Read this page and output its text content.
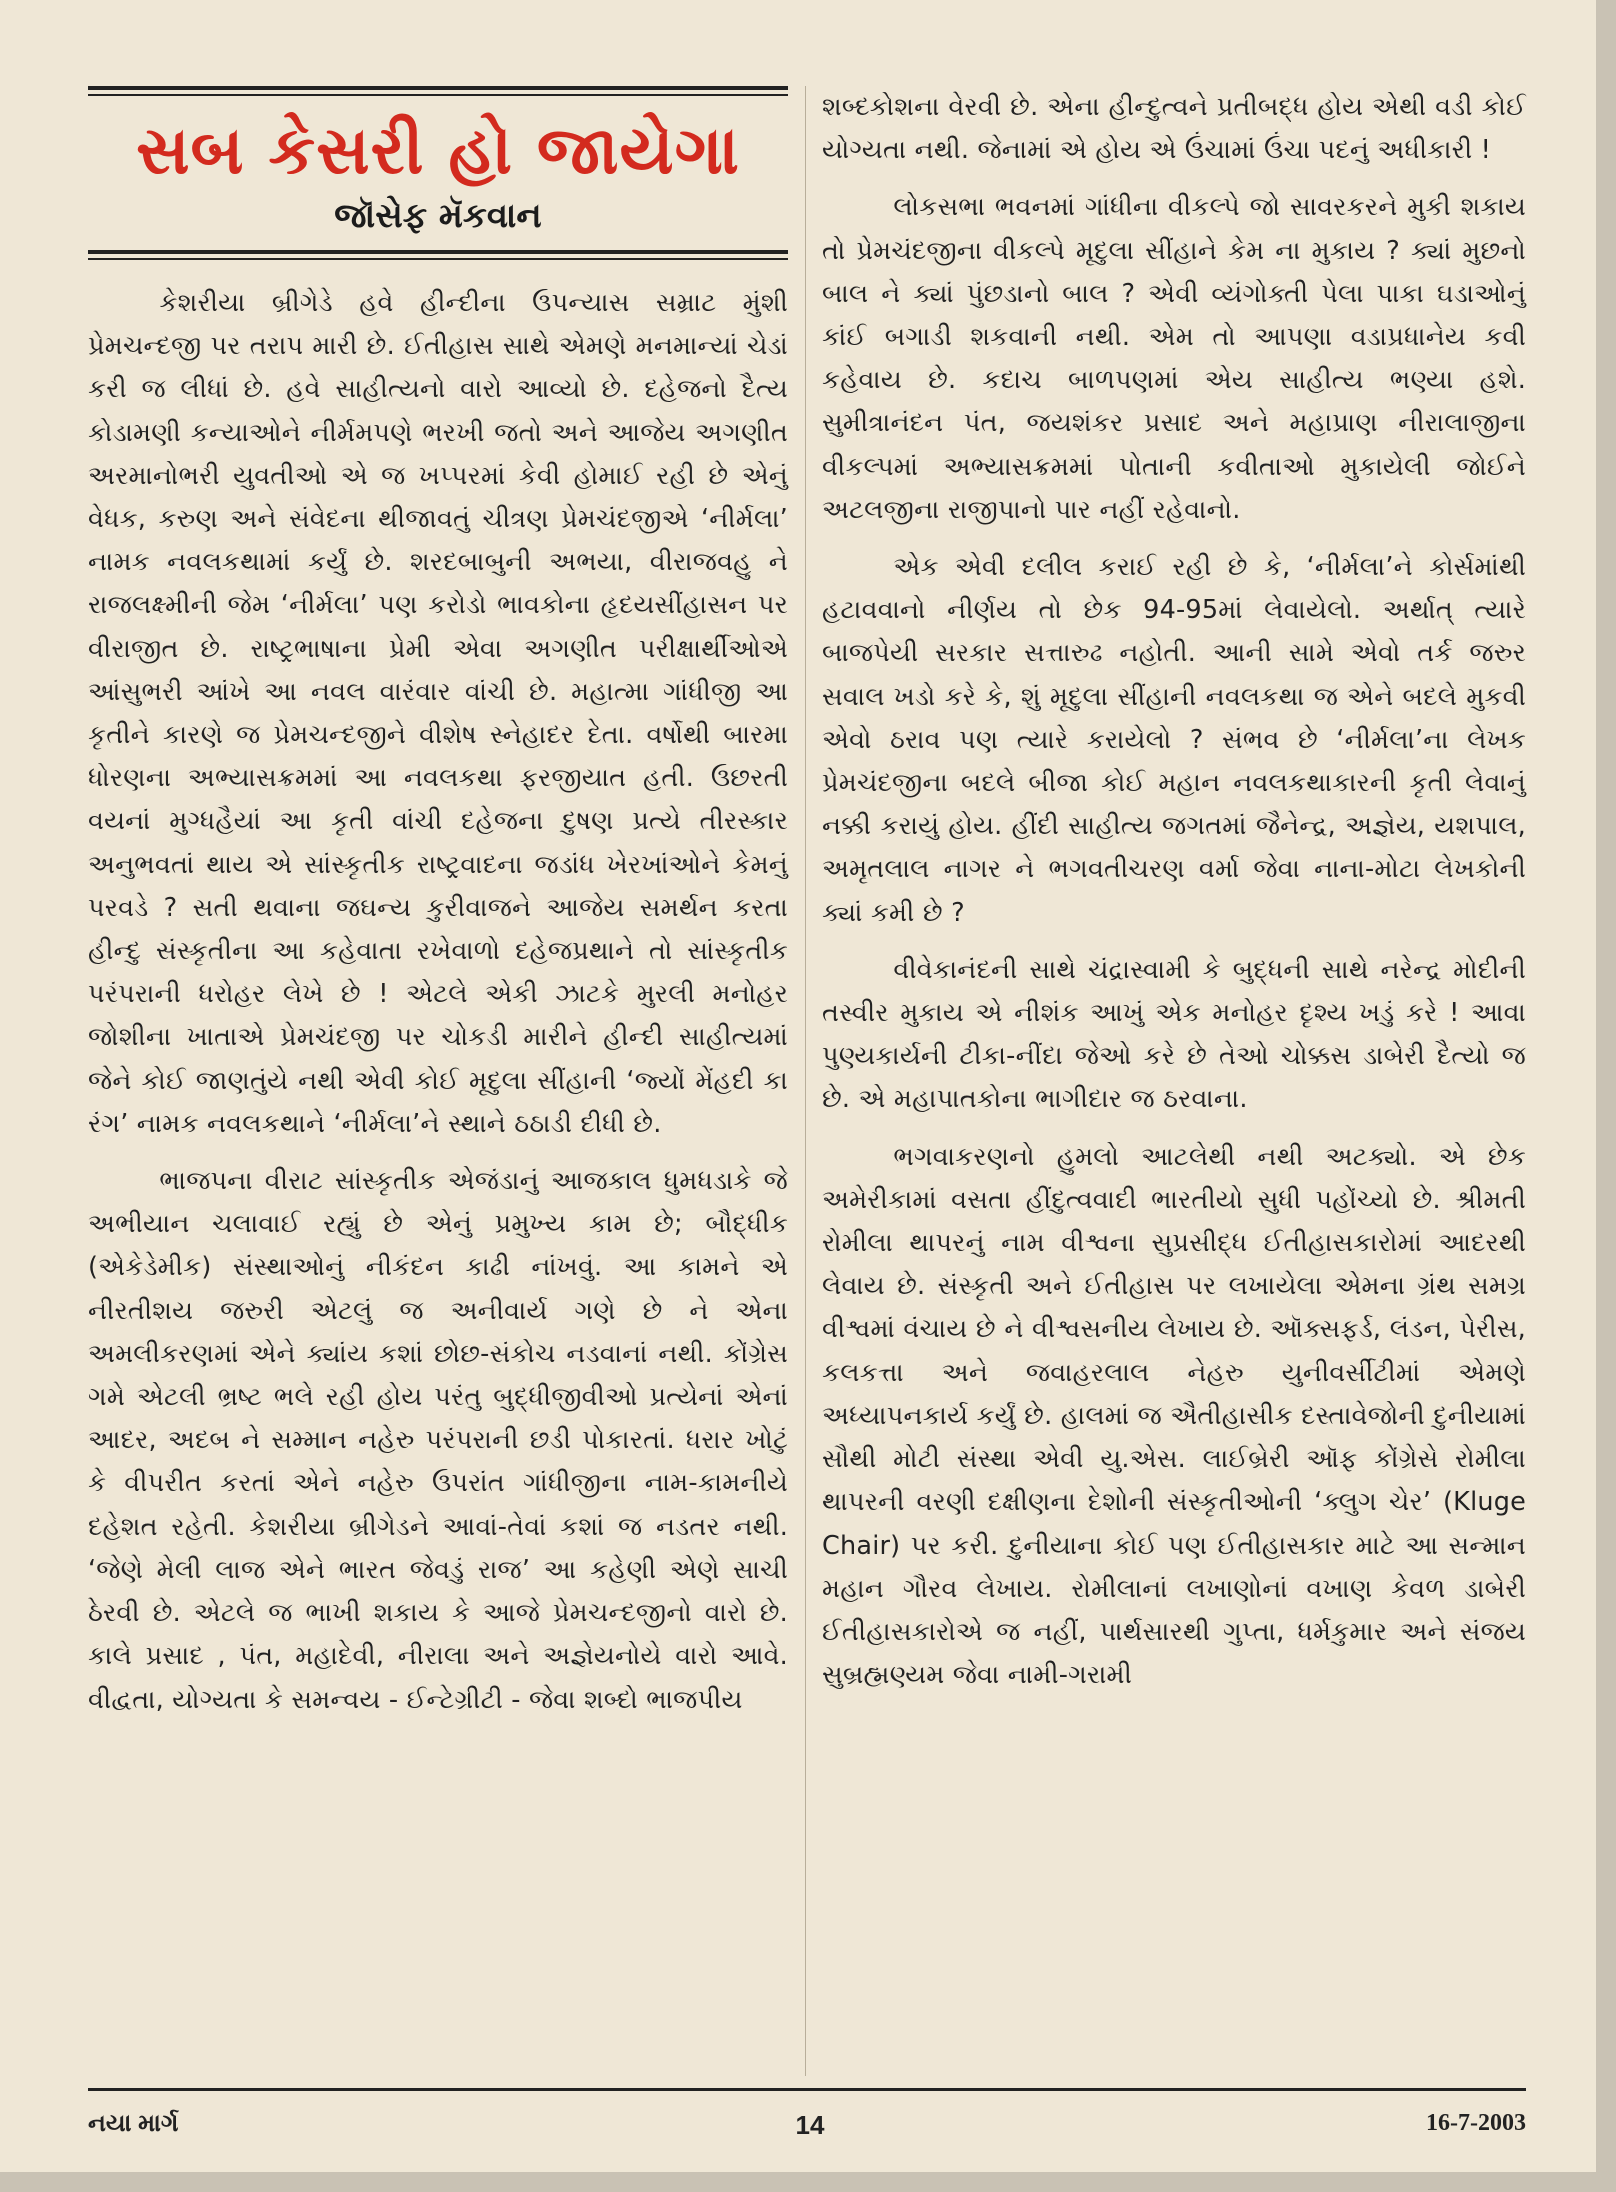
સબ કેસરી હો જાયેગા
જૉસેફ મૅકવાન

કેશરીયા બ્રીગેડે હવે હીન્દીના ઉપન્યાસ સમ્રાટ મુંશી પ્રેમચન્દજી પર તરાપ મારી છે. ઈતીહાસ સાથે એમણે મનમાન્યાં ચેડાં કરી જ લીધાં છે. હવે સાહીત્યનો વારો આવ્યો છે. દહેજનો દૈત્ય કોડામણી કન્યાઓને નીર્મમપણે ભરખી જતો અને આજેય અગણીત અરમાનોભરી યુવતીઓ એ જ ખપ્પરમાં કેવી હોમાઈ રહી છે એનું વેધક, કરુણ અને સંવેદના થીજાવતું ચીત્રણ પ્રેમચંદજીએ ‘નીર્મલા’ નામક નવલકથામાં કર્યું છે. શરદબાબુની અભયા, વીરાજવહુ ને રાજલક્ષ્મીની જેમ ‘નીર્મલા’ પણ કરોડો ભાવકોના હૃદયસીંહાસન પર વીરાજીત છે. રાષ્ટ્રભાષાના પ્રેમી એવા અગણીત પરીક્ષાર્થીઓએ આંસુભરી આંખે આ નવલ વારંવાર વાંચી છે. મહાત્મા ગાંધીજી આ કૃતીને કારણે જ પ્રેમચન્દજીને વીશેષ સ્નેહાદર દેતા. વર્ષોથી બારમા ધોરણના અભ્યાસક્રમમાં આ નવલકથા ફરજીયાત હતી. ઉછરતી વયનાં મુગ્ધહૈયાં આ કૃતી વાંચી દહેજના દુષણ પ્રત્યે તીરસ્કાર અનુભવતાં થાય એ સાંસ્કૃતીક રાષ્ટ્રવાદના જડાંધ ખેરખાંઓને કેમનું પરવડે ? સતી થવાના જઘન્ય કુરીવાજને આજેય સમર્થન કરતા હીન્દુ સંસ્કૃતીના આ કહેવાતા રખેવાળો દહેજપ્રથાને તો સાંસ્કૃતીક પરંપરાની ધરોહર લેખે છે ! એટલે એકી ઝાટકે મુરલી મનોહર જોશીના ખાતાએ પ્રેમચંદજી પર ચોકડી મારીને હીન્દી સાહીત્યમાં જેને કોઈ જાણતુંયે નથી એવી કોઈ મૃદુલા સીંહાની ‘જ્યોં મેંહદી કા રંગ’ નામક નવલકથાને ‘નીર્મલા’ને સ્થાને ઠઠાડી દીધી છે.

ભાજપના વીરાટ સાંસ્કૃતીક એજંડાનું આજકાલ ધુમધડાકે જે અભીયાન ચલાવાઈ રહ્યું છે એનું પ્રમુખ્ય કામ છે; બૌદ્ધીક (એકેડેમીક) સંસ્થાઓનું નીકંદન કાઢી નાંખવું. આ કામને એ નીરતીશય જરુરી એટલું જ અનીવાર્ય ગણે છે ને એના અમલીકરણમાં એને ક્યાંય કશાં છોછ-સંકોચ નડવાનાં નથી. કોંગ્રેસ ગમે એટલી ભ્રષ્ટ ભલે રહી હોય પરંતુ બુદ્ધીજીવીઓ પ્રત્યેનાં એનાં આદર, અદબ ને સમ્માન નહેરુ પરંપરાની છડી પોકારતાં. ધરાર ખોટું કે વીપરીત કરતાં એને નહેરુ ઉપરાંત ગાંધીજીના નામ-કામનીયે દહેશત રહેતી. કેશરીયા બ્રીગેડને આવાં-તેવાં કશાં જ નડતર નથી. ‘જેણે મેલી લાજ એને ભારત જેવડું રાજ’ આ કહેણી એણે સાચી ઠેરવી છે. એટલે જ ભાખી શકાય કે આજે પ્રેમચન્દજીનો વારો છે. કાલે પ્રસાદ , પંત, મહાદેવી, નીરાલા અને અજ્ઞેયનોયે વારો આવે. વીદ્વતા, યોગ્યતા કે સમન્વય - ઈન્ટેગ્રીટી - જેવા શબ્દો ભાજપીય

શબ્દકોશના વેરવી છે. એના હીન્દુત્વને પ્રતીબદ્ધ હોય એથી વડી કોઈ યોગ્યતા નથી. જેનામાં એ હોય એ ઉંચામાં ઉંચા પદનું અધીકારી !

લોકસભા ભવનમાં ગાંધીના વીકલ્પે જો સાવરકરને મુકી શકાય તો પ્રેમચંદજીના વીકલ્પે મૃદુલા સીંહાને કેમ ના મુકાય ? ક્યાં મુછનો બાલ ને ક્યાં પુંછડાનો બાલ ? એવી વ્યંગોક્તી પેલા પાકા ઘડાઓનું કાંઈ બગાડી શકવાની નથી. એમ તો આપણા વડાપ્રધાનેય કવી કહેવાય છે. કદાચ બાળપણમાં એય સાહીત્ય ભણ્યા હશે. સુમીત્રાનંદન પંત, જયશંકર પ્રસાદ અને મહાપ્રાણ નીરાલાજીના વીકલ્પમાં અભ્યાસક્રમમાં પોતાની કવીતાઓ મુકાયેલી જોઈને અટલજીના રાજીપાનો પાર નહીં રહેવાનો.

એક એવી દલીલ કરાઈ રહી છે કે, ‘નીર્મલા’ને કોર્સમાંથી હટાવવાનો નીર્ણય તો છેક 94-95માં લેવાયેલો. અર્થાત્ ત્યારે બાજપેયી સરકાર સત્તારુઢ નહોતી. આની સામે એવો તર્ક જરુર સવાલ ખડો કરે કે, શું મૃદુલા સીંહાની નવલકથા જ એને બદલે મુકવી એવો ઠરાવ પણ ત્યારે કરાયેલો ? સંભવ છે ‘નીર્મલા’ના લેખક પ્રેમચંદજીના બદલે બીજા કોઈ મહાન નવલકથાકારની કૃતી લેવાનું નક્કી કરાયું હોય. હીંદી સાહીત્ય જગતમાં જૈનેન્દ્ર, અજ્ઞેય, યશપાલ, અમૃતલાલ નાગર ને ભગવતીચરણ વર્મા જેવા નાના-મોટા લેખકોની ક્યાં કમી છે ?

વીવેકાનંદની સાથે ચંદ્રાસ્વામી કે બુદ્ધની સાથે નરેન્દ્ર મોદીની તસ્વીર મુકાય એ નીશંક આખું એક મનોહર દૃશ્ય ખડું કરે ! આવા પુણ્યકાર્યની ટીકા-નીંદા જેઓ કરે છે તેઓ ચોક્કસ ડાબેરી દૈત્યો જ છે. એ મહાપાતકોના ભાગીદાર જ ઠરવાના.

ભગવાકરણનો હુમલો આટલેથી નથી અટક્યો. એ છેક અમેરીકામાં વસતા હીંદુત્વવાદી ભારતીયો સુધી પહોંચ્યો છે. શ્રીમતી રોમીલા થાપરનું નામ વીશ્વના સુપ્રસીદ્ધ ઈતીહાસકારોમાં આદરથી લેવાય છે. સંસ્કૃતી અને ઈતીહાસ પર લખાયેલા એમના ગ્રંથ સમગ્ર વીશ્વમાં વંચાય છે ને વીશ્વસનીય લેખાય છે. ઑક્સફર્ડ, લંડન, પેરીસ, કલકત્તા અને જવાહરલાલ નેહરુ યુનીવર્સીટીમાં એમણે અધ્યાપનકાર્ય કર્યું છે. હાલમાં જ ઐતીહાસીક દસ્તાવેજોની દુનીયામાં સૌથી મોટી સંસ્થા એવી યુ.એસ. લાઈબ્રેરી ઑફ કોંગ્રેસે રોમીલા થાપરની વરણી દક્ષીણના દેશોની સંસ્કૃતીઓની ‘ક્લુગ ચેર’ (Kluge Chair) પર કરી. દુનીયાના કોઈ પણ ઈતીહાસકાર માટે આ સન્માન મહાન ગૌરવ લેખાય. રોમીલાનાં લખાણોનાં વખાણ કેવળ ડાબેરી ઈતીહાસકારોએ જ નહીં, પાર્થસારથી ગુપ્તા, ધર્મકુમાર અને સંજય સુબ્રહ્મણ્યમ જેવા નામી-ગરામી

નયા માર્ગ	14	16-7-2003
